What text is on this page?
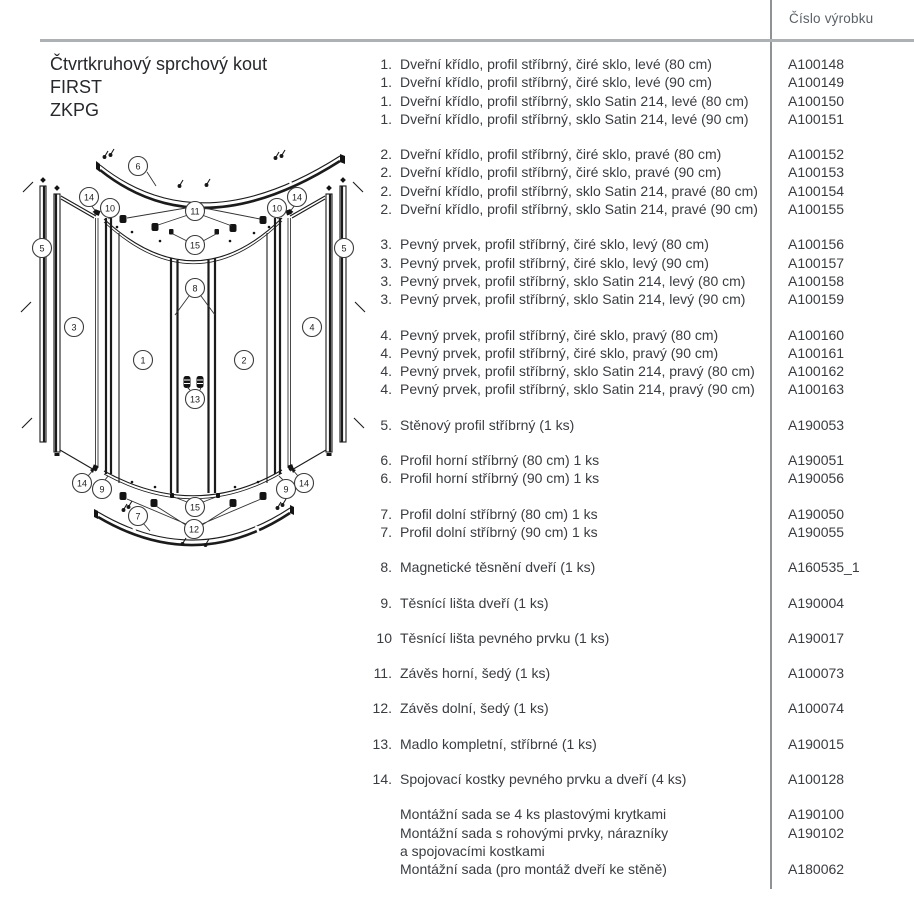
Číslo výrobku
Čtvrtkruhový sprchový kout
FIRST
ZKPG
6
14
10	11
15
10
14
5	5
8
3	4
1	2
13
14
9	9
14
15
12
7
1. Dveřní křídlo, profil stříbrný, čiré sklo, levé (80 cm)	A100148
1. Dveřní křídlo, profil stříbrný, čiré sklo, levé (90 cm)	A100149
1. Dveřní křídlo, profil stříbrný, sklo Satin 214, levé (80 cm)	A100150
1. Dveřní křídlo, profil stříbrný, sklo Satin 214, levé (90 cm)	A100151
2. Dveřní křídlo, profil stříbrný, čiré sklo, pravé (80 cm)	A100152
2. Dveřní křídlo, profil stříbrný, čiré sklo, pravé (90 cm)	A100153
2. Dveřní křídlo, profil stříbrný, sklo Satin 214, pravé (80 cm)	A100154
2. Dveřní křídlo, profil stříbrný, sklo Satin 214, pravé (90 cm)	A100155
3. Pevný prvek, profil stříbrný, čiré sklo, levý (80 cm)	A100156
3. Pevný prvek, profil stříbrný, čiré sklo, levý (90 cm)	A100157
3. Pevný prvek, profil stříbrný, sklo Satin 214, levý (80 cm)	A100158
3. Pevný prvek, profil stříbrný, sklo Satin 214, levý (90 cm)	A100159
4. Pevný prvek, profil stříbrný, čiré sklo, pravý (80 cm)	A100160
4. Pevný prvek, profil stříbrný, čiré sklo, pravý (90 cm)	A100161
4. Pevný prvek, profil stříbrný, sklo Satin 214, pravý (80 cm)	A100162
4. Pevný prvek, profil stříbrný, sklo Satin 214, pravý (90 cm)	A100163
5. Stěnový profil stříbrný (1 ks)	A190053
6. Profil horní stříbrný (80 cm) 1 ks	A190051
6. Profil horní stříbrný (90 cm) 1 ks	A190056
7. Profil dolní stříbrný (80 cm) 1 ks	A190050
7. Profil dolní stříbrný (90 cm) 1 ks	A190055
8. Magnetické těsnění dveří (1 ks)	A160535_1
9. Těsnící lišta dveří (1 ks)	A190004
10 Těsnící lišta pevného prvku (1 ks)	A190017
11. Závěs horní, šedý (1 ks)	A100073
12. Závěs dolní, šedý (1 ks)	A100074
13. Madlo kompletní, stříbrné (1 ks)	A190015
14. Spojovací kostky pevného prvku a dveří (4 ks)	A100128
Montážní sada se 4 ks plastovými krytkami	A190100
Montážní sada s rohovými prvky, nárazníky	A190102
a spojovacími kostkami
Montážní sada (pro montáž dveří ke stěně)	A180062
